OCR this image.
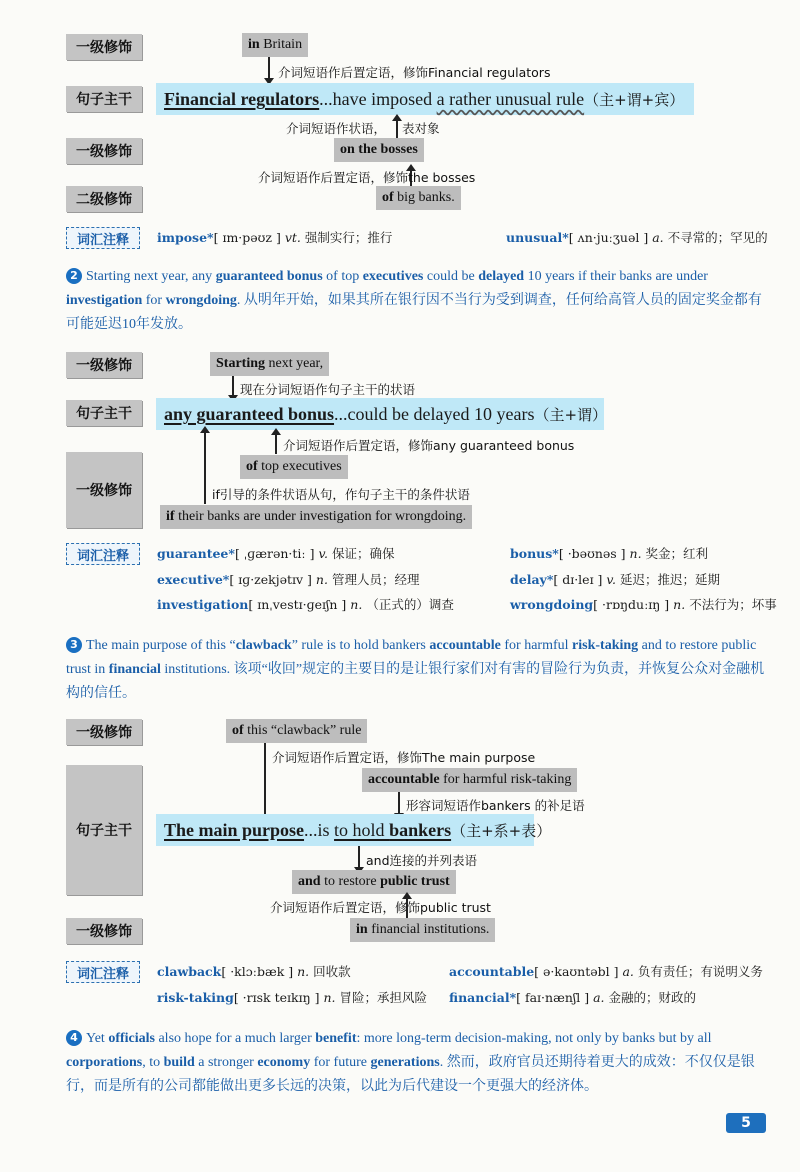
一级修饰	in Britain
介词短语作后置定语，修饰Financial regulators
句子主干	Financial regulators...have imposed a rather unusual rule（主+谓+宾）
介词短语作状语， 表对象
一级修饰	on the bosses
介词短语作后置定语，修饰the bosses
二级修饰	of big banks.
词汇注释	impose*[ ɪm·pəʊz ] vt. 强制实行；推行	unusual*[ ʌn·juːʒuəl ] a. 不寻常的；罕见的
2 Starting next year, any guaranteed bonus of top executives could be delayed 10 years if their banks are under investigation for wrongdoing. 从明年开始，如果其所在银行因不当行为受到调查，任何给高管人员的固定奖金都有可能延迟10年发放。
一级修饰	Starting next year,
现在分词短语作句子主干的状语
句子主干	any guaranteed bonus...could be delayed 10 years（主+谓）
一级修饰
介词短语作后置定语，修饰any guaranteed bonus
of top executives
if引导的条件状语从句，作句子主干的条件状语
if their banks are under investigation for wrongdoing.
词汇注释	guarantee*[ ˌɡærən·tiː ] v. 保证；确保	bonus*[ ·bəʊnəs ] n. 奖金；红利
executive*[ ɪɡ·zekjətɪv ] n. 管理人员；经理	delay*[ dɪ·leɪ ] v. 延迟；推迟；延期
investigation[ ɪnˌvestɪ·ɡeɪʃn ] n. （正式的）调查	wrongdoing[ ·rɒŋduːɪŋ ] n. 不法行为；坏事
3 The main purpose of this “clawback” rule is to hold bankers accountable for harmful risk-taking and to restore public trust in financial institutions. 该项“收回”规定的主要目的是让银行家们对有害的冒险行为负责，并恢复公众对金融机构的信任。
一级修饰	of this “clawback” rule
介词短语作后置定语，修饰The main purpose
句子主干
accountable for harmful risk-taking
形容词短语作bankers 的补足语
The main purpose...is to hold bankers（主+系+表）
and连接的并列表语
and to restore public trust
介词短语作后置定语，修饰public trust
一级修饰	in financial institutions.
词汇注释	clawback[ ·klɔːbæk ] n. 回收款	accountable[ ə·kaʊntəbl ] a. 负有责任；有说明义务
risk-taking[ ·rɪsk teɪkɪŋ ] n. 冒险；承担风险 financial*[ faɪ·nænʃl ] a. 金融的；财政的
4 Yet officials also hope for a much larger benefit: more long-term decision-making, not only by banks but by all corporations, to build a stronger economy for future generations. 然而，政府官员还期待着更大的成效：不仅仅是银行，而是所有的公司都能做出更多长远的决策，以此为后代建设一个更强大的经济体。
5
